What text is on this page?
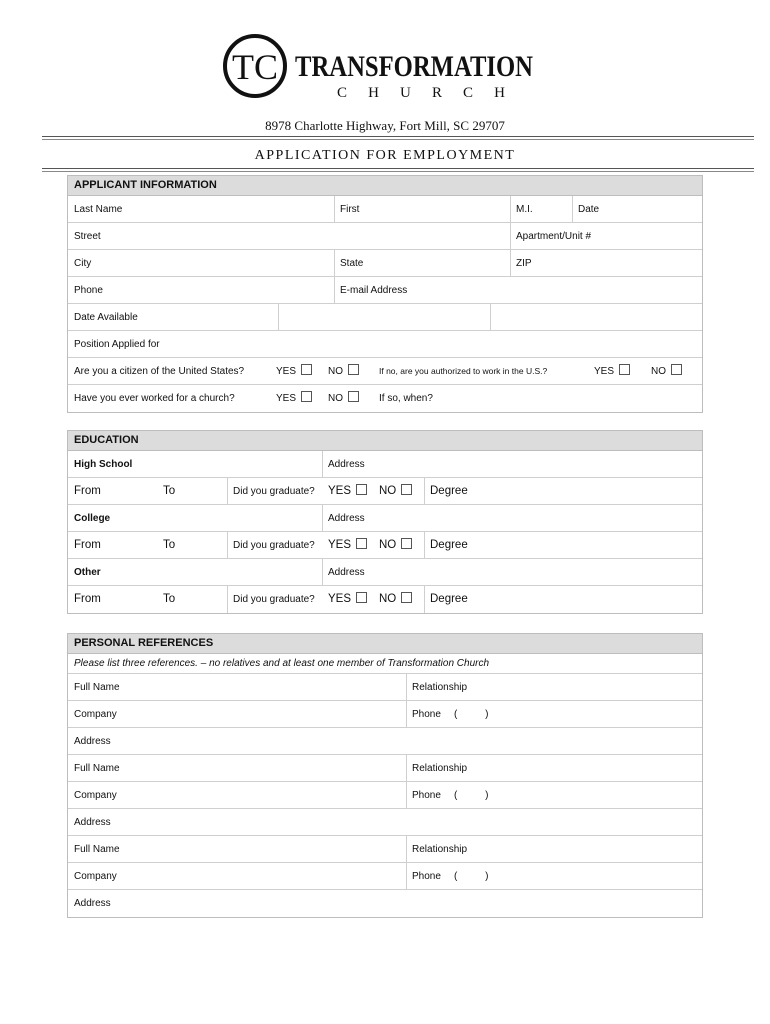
TC TRANSFORMATION
C H U R C H
8978 Charlotte Highway, Fort Mill, SC 29707
APPLICATION FOR EMPLOYMENT
APPLICANT INFORMATION
Last Name	First	M.I.	Date
Street	Apartment/Unit #
City	State	ZIP
Phone	E-mail Address
Date Available
Position Applied for
Are you a citizen of the United States?	YES	NO	If no, are you authorized to work in the U.S.?	YES	NO
Have you ever worked for a church?	YES	NO	If so, when?
EDUCATION
High School	Address
From	To	Did you graduate?	YES	NO	Degree
College	Address
From	To	Did you graduate?	YES	NO	Degree
Other	Address
From	To	Did you graduate?	YES	NO	Degree
PERSONAL REFERENCES
Please list three references. – no relatives and at least one member of Transformation Church
Full Name	Relationship
Company	Phone	(          )
Address
Full Name	Relationship
Company	Phone	(          )
Address
Full Name	Relationship
Company	Phone	(          )
Address
